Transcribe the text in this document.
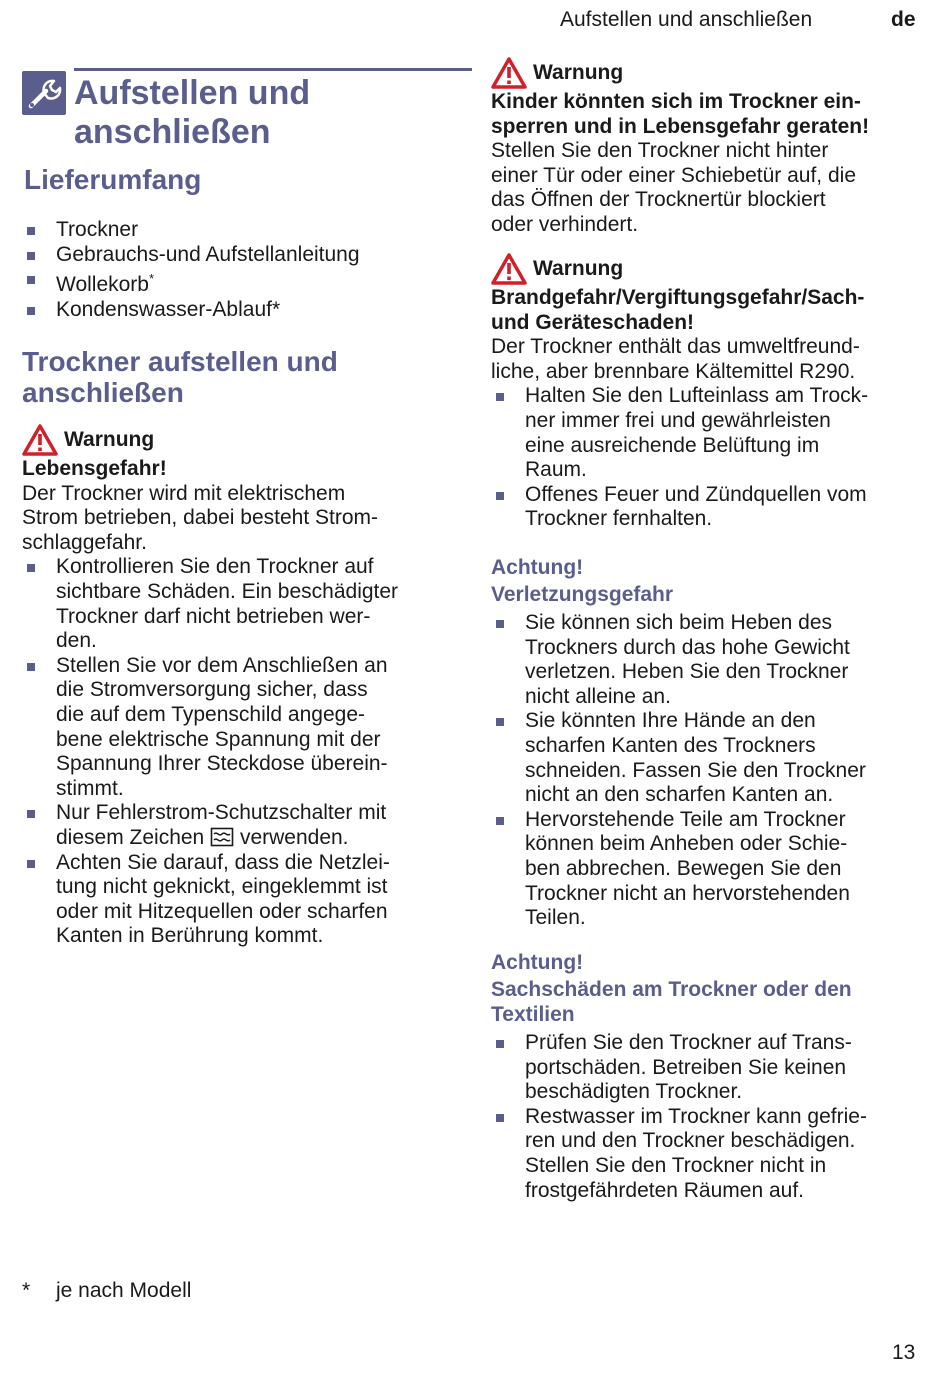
Aufstellen und anschließen	de
Aufstellen und
anschließen
Lieferumfang
Trockner
Gebrauchs-und Aufstellanleitung
Wollekorb*
Kondenswasser-Ablauf*
Trockner aufstellen und
anschließen
Warnung
Lebensgefahr!

Der Trockner wird mit elektrischem
Strom betrieben, dabei besteht Strom-
schlaggefahr.

Kontrollieren Sie den Trockner auf
sichtbare Schäden. Ein beschädigter
Trockner darf nicht betrieben wer-
den.
Stellen Sie vor dem Anschließen an
die Stromversorgung sicher, dass
die auf dem Typenschild angege-
bene elektrische Spannung mit der
Spannung Ihrer Steckdose überein-
stimmt.
Nur Fehlerstrom-Schutzschalter mit
diesem Zeichen verwenden.
Achten Sie darauf, dass die Netzlei-
tung nicht geknickt, eingeklemmt ist
oder mit Hitzequellen oder scharfen
Kanten in Berührung kommt.
Warnung
Kinder könnten sich im Trockner ein-
sperren und in Lebensgefahr geraten!

Stellen Sie den Trockner nicht hinter
einer Tür oder einer Schiebetür auf, die
das Öffnen der Trocknertür blockiert
oder verhindert.

Warnung
Brandgefahr/Vergiftungsgefahr/Sach-
und Geräteschaden!

Der Trockner enthält das umweltfreund-
liche, aber brennbare Kältemittel R290.

Halten Sie den Lufteinlass am Trock-
ner immer frei und gewährleisten
eine ausreichende Belüftung im
Raum.
Offenes Feuer und Zündquellen vom
Trockner fernhalten.
Achtung!
Verletzungsgefahr
Sie können sich beim Heben des
Trockners durch das hohe Gewicht
verletzen. Heben Sie den Trockner
nicht alleine an.
Sie könnten Ihre Hände an den
scharfen Kanten des Trockners
schneiden. Fassen Sie den Trockner
nicht an den scharfen Kanten an.
Hervorstehende Teile am Trockner
können beim Anheben oder Schie-
ben abbrechen. Bewegen Sie den
Trockner nicht an hervorstehenden
Teilen.
Achtung!
Sachschäden am Trockner oder den
Textilien
Prüfen Sie den Trockner auf Trans-
portschäden. Betreiben Sie keinen
beschädigten Trockner.
Restwasser im Trockner kann gefrie-
ren und den Trockner beschädigen.
Stellen Sie den Trockner nicht in
frostgefährdeten Räumen auf.
* je nach Modell
13
